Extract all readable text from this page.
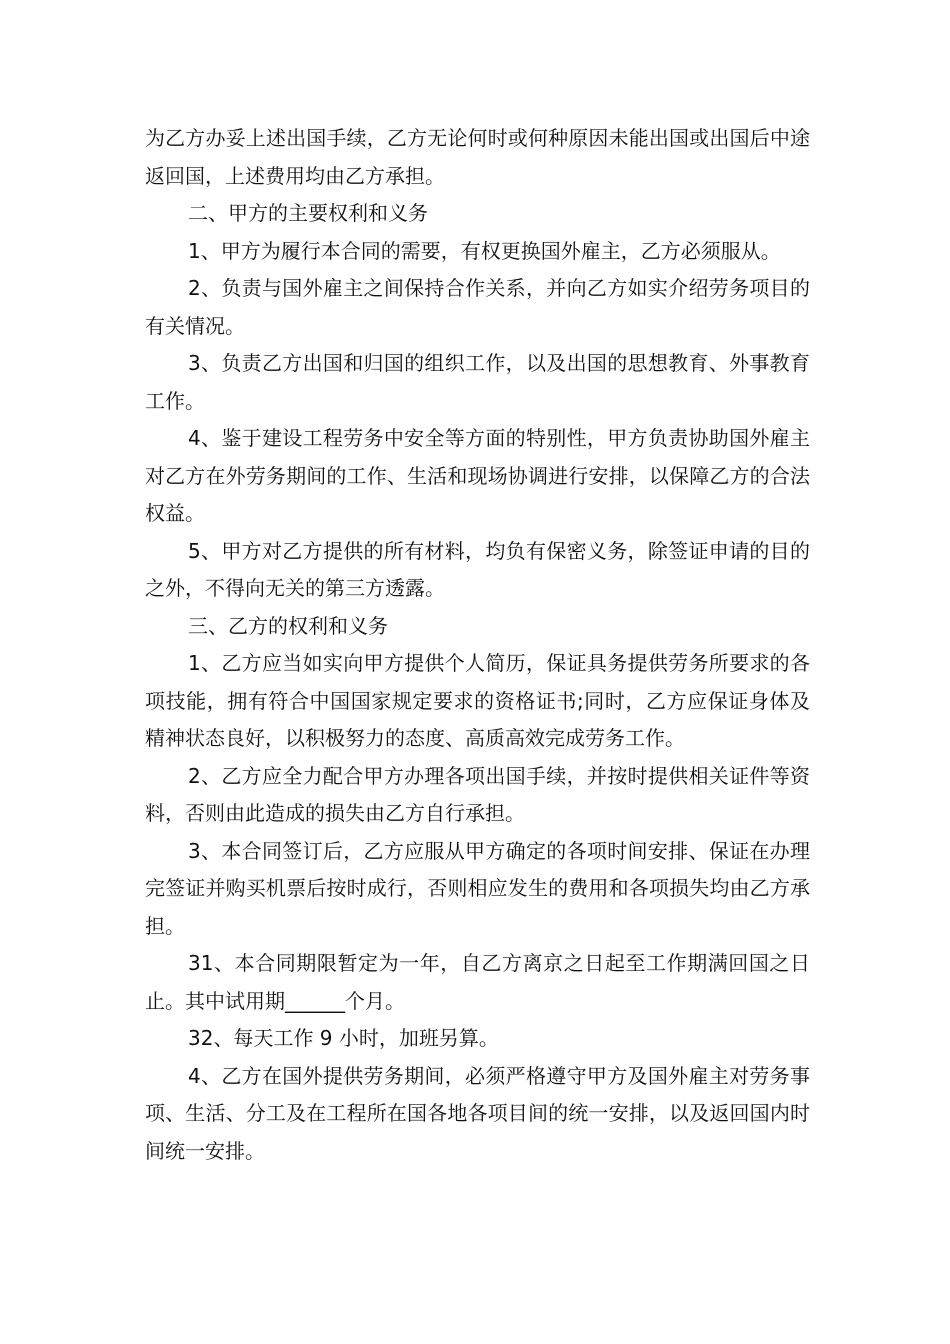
为乙方办妥上述出国手续，乙方无论何时或何种原因未能出国或出国后中途返回国，上述费用均由乙方承担。

二、甲方的主要权利和义务

1、甲方为履行本合同的需要，有权更换国外雇主，乙方必须服从。

2、负责与国外雇主之间保持合作关系，并向乙方如实介绍劳务项目的有关情况。

3、负责乙方出国和归国的组织工作，以及出国的思想教育、外事教育工作。

4、鉴于建设工程劳务中安全等方面的特别性，甲方负责协助国外雇主对乙方在外劳务期间的工作、生活和现场协调进行安排，以保障乙方的合法权益。

5、甲方对乙方提供的所有材料，均负有保密义务，除签证申请的目的之外，不得向无关的第三方透露。

三、乙方的权利和义务

1、乙方应当如实向甲方提供个人简历，保证具务提供劳务所要求的各项技能，拥有符合中国国家规定要求的资格证书;同时，乙方应保证身体及精神状态良好，以积极努力的态度、高质高效完成劳务工作。

2、乙方应全力配合甲方办理各项出国手续，并按时提供相关证件等资料，否则由此造成的损失由乙方自行承担。

3、本合同签订后，乙方应服从甲方确定的各项时间安排、保证在办理完签证并购买机票后按时成行，否则相应发生的费用和各项损失均由乙方承担。

31、本合同期限暂定为一年，自乙方离京之日起至工作期满回国之日止。其中试用期______个月。

32、每天工作 9 小时，加班另算。

4、乙方在国外提供劳务期间，必须严格遵守甲方及国外雇主对劳务事项、生活、分工及在工程所在国各地各项目间的统一安排，以及返回国内时间统一安排。
